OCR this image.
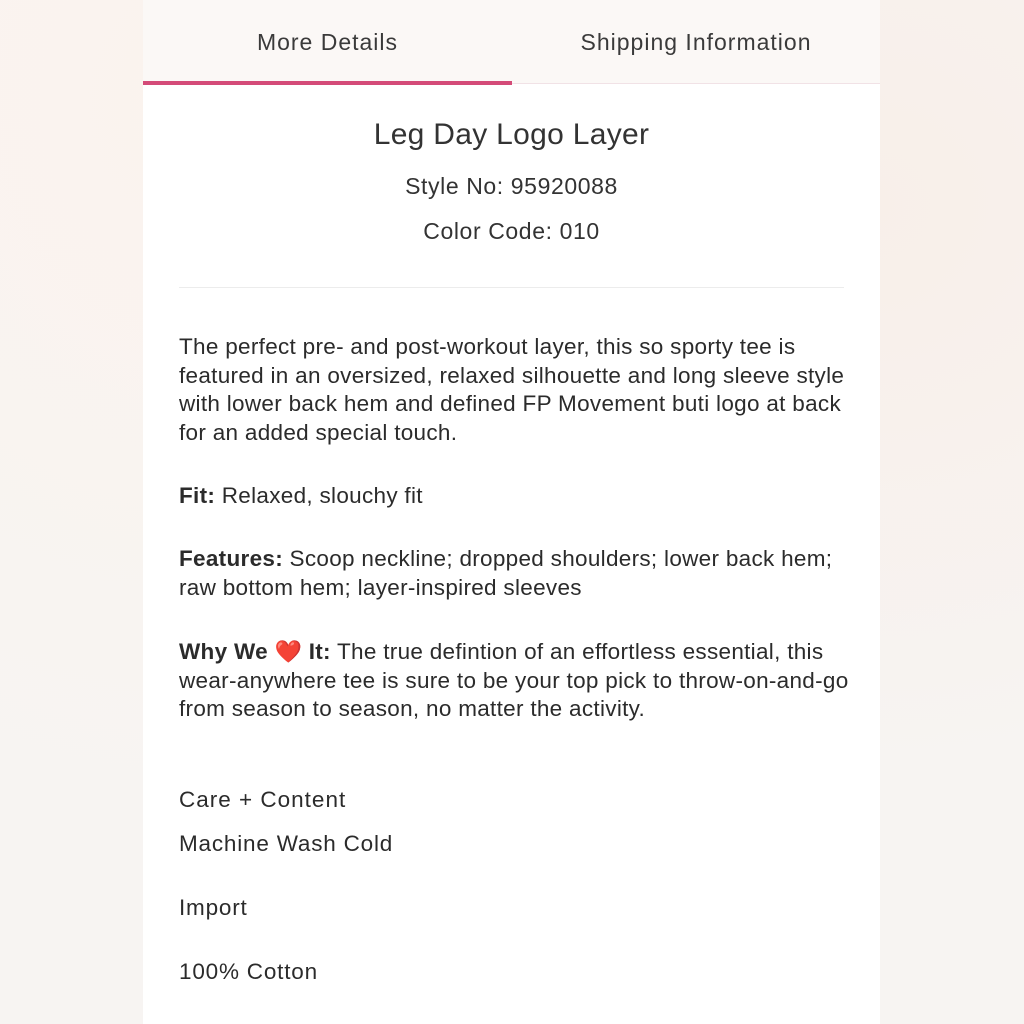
More Details	Shipping Information
Leg Day Logo Layer
Style No: 95920088
Color Code: 010
The perfect pre- and post-workout layer, this so sporty tee is featured in an oversized, relaxed silhouette and long sleeve style with lower back hem and defined FP Movement buti logo at back for an added special touch.
Fit: Relaxed, slouchy fit
Features: Scoop neckline; dropped shoulders; lower back hem; raw bottom hem; layer-inspired sleeves
Why We ❤️ It: The true defintion of an effortless essential, this wear-anywhere tee is sure to be your top pick to throw-on-and-go from season to season, no matter the activity.
Care + Content
Machine Wash Cold
Import
100% Cotton
